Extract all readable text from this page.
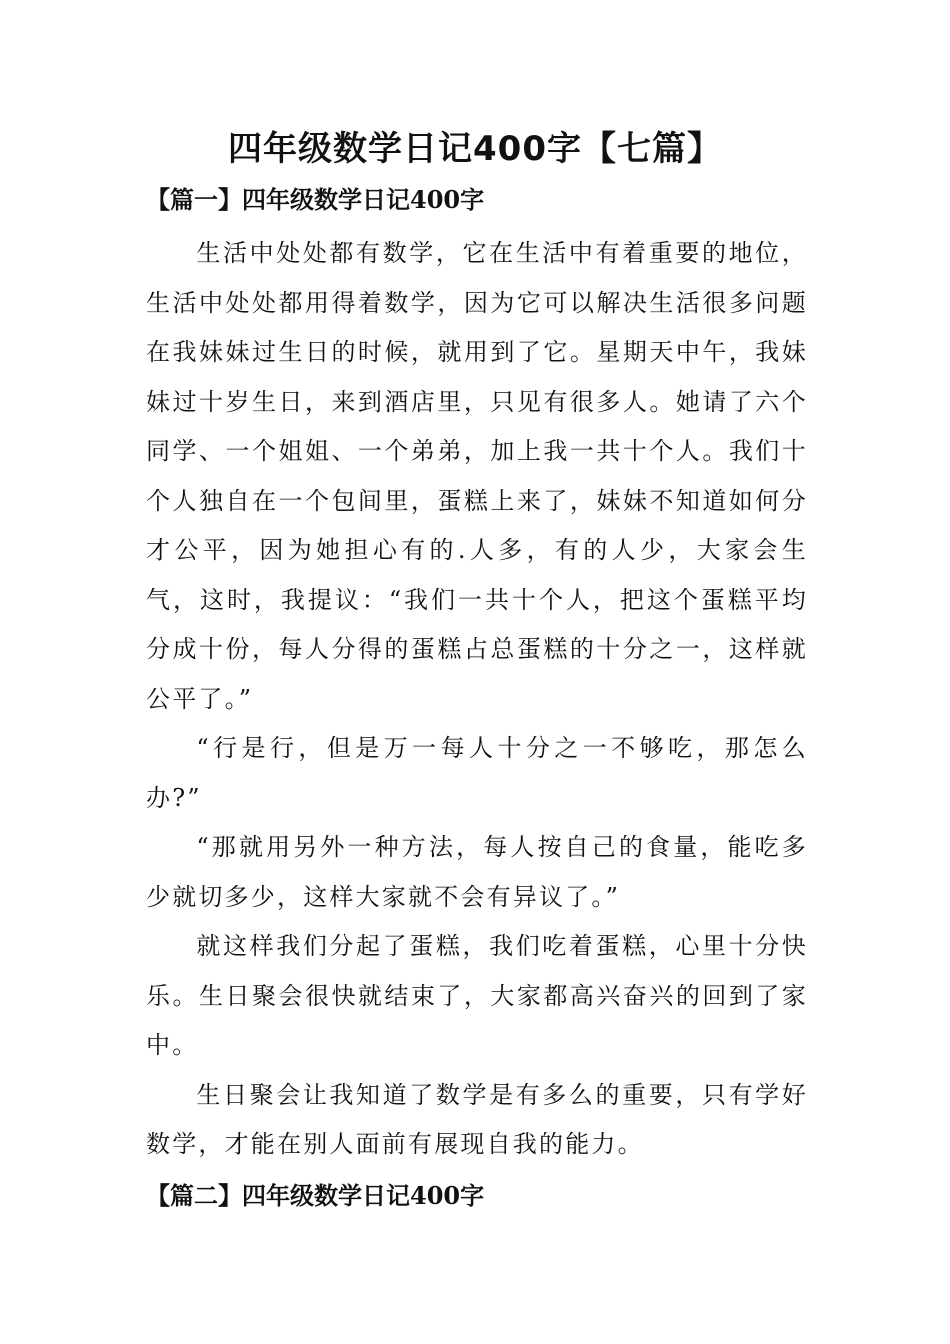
四年级数学日记400字【七篇】
【篇一】四年级数学日记400字

生活中处处都有数学，它在生活中有着重要的地位，生活中处处都用得着数学，因为它可以解决生活很多问题在我妹妹过生日的时候，就用到了它。星期天中午，我妹妹过十岁生日，来到酒店里，只见有很多人。她请了六个同学、一个姐姐、一个弟弟，加上我一共十个人。我们十个人独自在一个包间里，蛋糕上来了，妹妹不知道如何分才公平，因为她担心有的.人多，有的人少，大家会生气，这时，我提议：“我们一共十个人，把这个蛋糕平均分成十份，每人分得的蛋糕占总蛋糕的十分之一，这样就公平了。”

“行是行，但是万一每人十分之一不够吃，那怎么办?”

“那就用另外一种方法，每人按自己的食量，能吃多少就切多少，这样大家就不会有异议了。”

就这样我们分起了蛋糕，我们吃着蛋糕，心里十分快乐。生日聚会很快就结束了，大家都高兴奋兴的回到了家中。

生日聚会让我知道了数学是有多么的重要，只有学好数学，才能在别人面前有展现自我的能力。

【篇二】四年级数学日记400字
